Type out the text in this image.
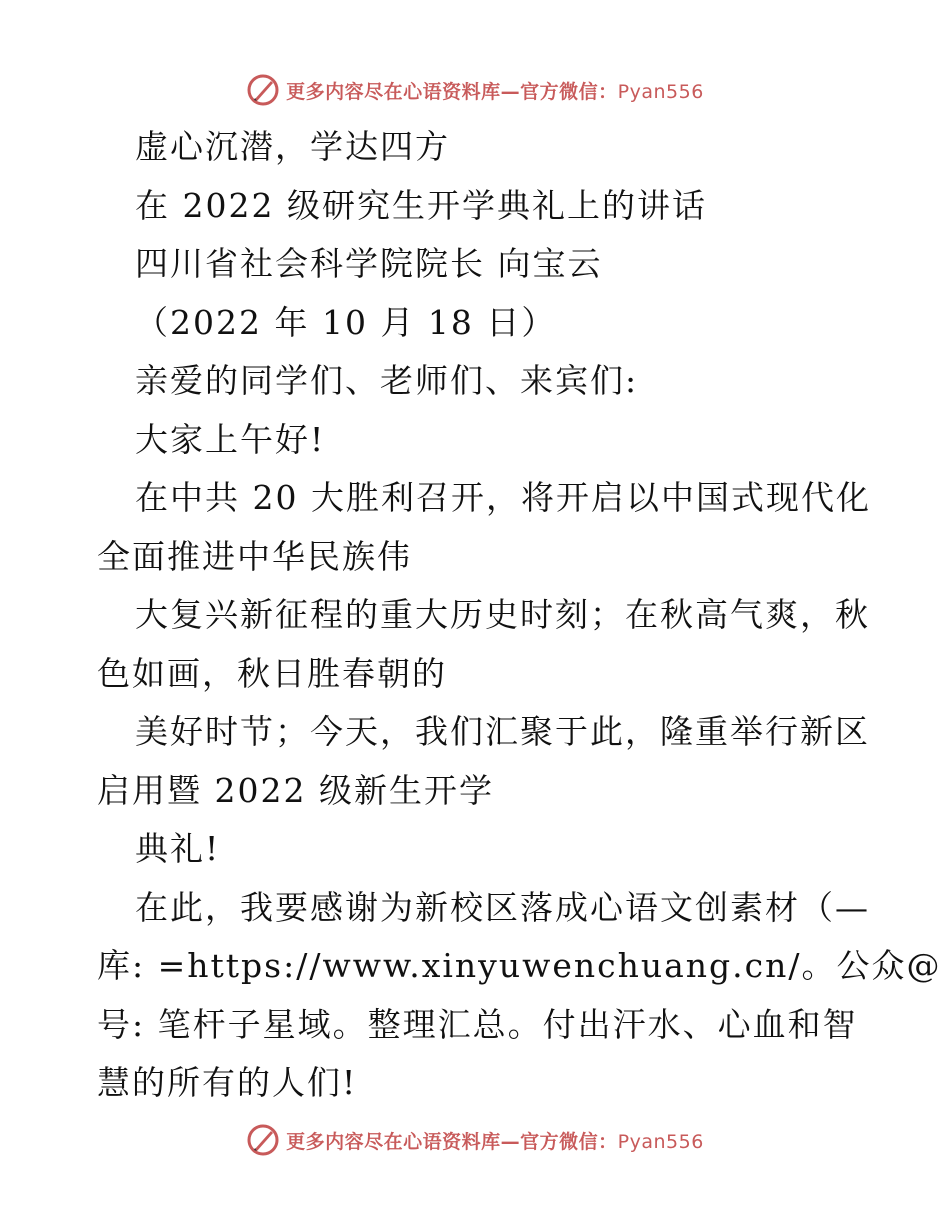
更多内容尽在心语资料库—官方微信：Pyan556
虚心沉潜，学达四方
在 2022 级研究生开学典礼上的讲话
四川省社会科学院院长 向宝云
（2022 年 10 月 18 日）
亲爱的同学们、老师们、来宾们:
大家上午好!
在中共 20 大胜利召开，将开启以中国式现代化
全面推进中华民族伟
大复兴新征程的重大历史时刻；在秋高气爽，秋
色如画，秋日胜春朝的
美好时节；今天，我们汇聚于此，隆重举行新区
启用暨 2022 级新生开学
典礼!
在此，我要感谢为新校区落成心语文创素材（—
库: =https://www.xinyuwenchuang.cn/。公众@
号: 笔杆子星域。整理汇总。付出汗水、心血和智
慧的所有的人们!
更多内容尽在心语资料库—官方微信：Pyan556
